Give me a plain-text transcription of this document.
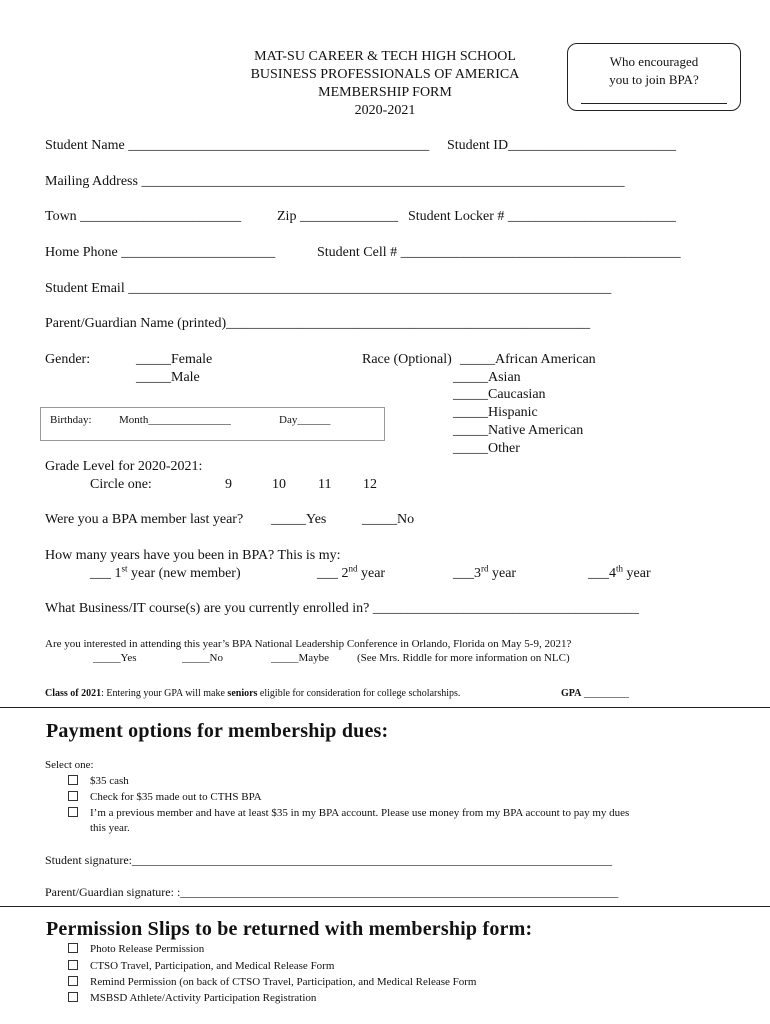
MAT-SU CAREER & TECH HIGH SCHOOL
BUSINESS PROFESSIONALS OF AMERICA
MEMBERSHIP FORM
2020-2021
Who encouraged
you to join BPA?
Student Name ___________________________________________ Student ID________________________
Mailing Address _____________________________________________________________________
Town _______________________	Zip ______________ Student Locker # ________________________
Home Phone ______________________	Student Cell # ________________________________________
Student Email _____________________________________________________________________
Parent/Guardian Name (printed)____________________________________________________
Gender:	_____Female
_____Male
Race (Optional) _____African American
_____Asian
_____Caucasian
_____Hispanic
_____Native American
_____Other
Birthday: Month_______________	Day______
Grade Level for 2020-2021:
Circle one:	9	10 11 12
Were you a BPA member last year? _____Yes	_____No
How many years have you been in BPA? This is my:
___ 1st year (new member)	___ 2nd year	___3rd year	___4th year
What Business/IT course(s) are you currently enrolled in? ______________________________________
Are you interested in attending this year’s BPA National Leadership Conference in Orlando, Florida on May 5-9, 2021?
_____Yes	_____No	_____Maybe	(See Mrs. Riddle for more information on NLC)
Class of 2021: Entering your GPA will make seniors eligible for consideration for college scholarships.	GPA _________
Payment options for membership dues:
Select one:
$35 cash
Check for $35 made out to CTHS BPA
I’m a previous member and have at least $35 in my BPA account. Please use money from my BPA account to pay my dues
this year.
Student signature:________________________________________________________________________________
Parent/Guardian signature: :_________________________________________________________________________
Permission Slips to be returned with membership form:
Photo Release Permission
CTSO Travel, Participation, and Medical Release Form
Remind Permission (on back of CTSO Travel, Participation, and Medical Release Form
MSBSD Athlete/Activity Participation Registration
